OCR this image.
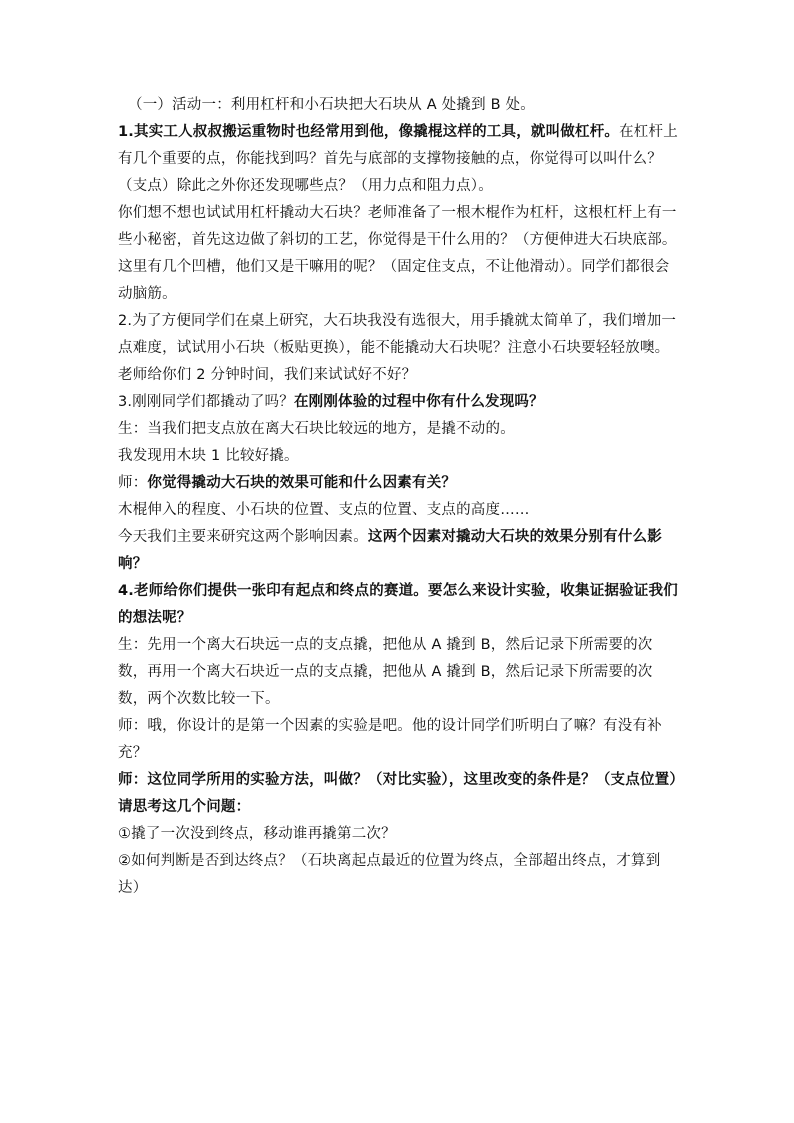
（一）活动一：利用杠杆和小石块把大石块从 A 处撬到 B 处。

1.其实工人叔叔搬运重物时也经常用到他，像撬棍这样的工具，就叫做杠杆。在杠杆上有几个重要的点，你能找到吗？首先与底部的支撑物接触的点，你觉得可以叫什么？（支点）除此之外你还发现哪些点？（用力点和阻力点）。

你们想不想也试试用杠杆撬动大石块？老师准备了一根木棍作为杠杆，这根杠杆上有一些小秘密，首先这边做了斜切的工艺，你觉得是干什么用的？（方便伸进大石块底部。这里有几个凹槽，他们又是干嘛用的呢？（固定住支点，不让他滑动）。同学们都很会动脑筋。

2.为了方便同学们在桌上研究，大石块我没有选很大，用手撬就太简单了，我们增加一点难度，试试用小石块（板贴更换），能不能撬动大石块呢？注意小石块要轻轻放噢。老师给你们 2 分钟时间，我们来试试好不好？

3.刚刚同学们都撬动了吗？在刚刚体验的过程中你有什么发现吗？

生：当我们把支点放在离大石块比较远的地方，是撬不动的。

我发现用木块 1 比较好撬。

师：你觉得撬动大石块的效果可能和什么因素有关？

木棍伸入的程度、小石块的位置、支点的位置、支点的高度……

今天我们主要来研究这两个影响因素。这两个因素对撬动大石块的效果分别有什么影响？

4.老师给你们提供一张印有起点和终点的赛道。要怎么来设计实验，收集证据验证我们的想法呢？

生：先用一个离大石块远一点的支点撬，把他从 A 撬到 B，然后记录下所需要的次数，再用一个离大石块近一点的支点撬，把他从 A 撬到 B，然后记录下所需要的次数，两个次数比较一下。

师：哦，你设计的是第一个因素的实验是吧。他的设计同学们听明白了嘛？有没有补充？

师：这位同学所用的实验方法，叫做？（对比实验），这里改变的条件是？（支点位置）　　请思考这几个问题：

①撬了一次没到终点，移动谁再撬第二次？

②如何判断是否到达终点？（石块离起点最近的位置为终点，全部超出终点，才算到达）
